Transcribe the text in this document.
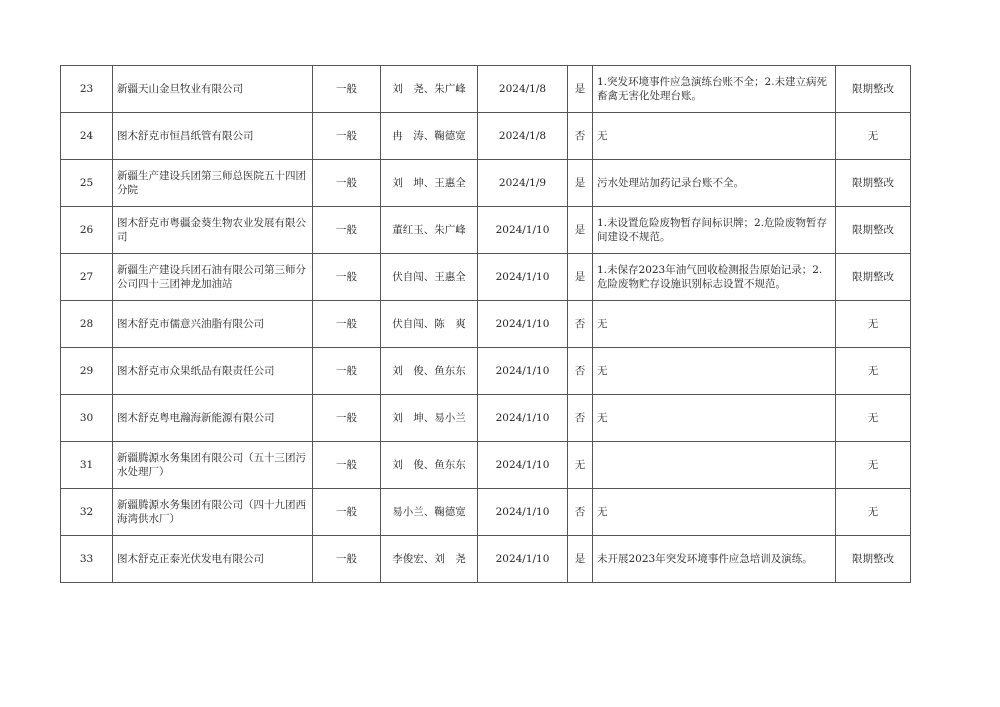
23	新疆天山金旦牧业有限公司	一般	刘　尧、朱广峰	2024/1/8	是	1.突发环境事件应急演练台账不全；2.未建立病死畜禽无害化处理台账。	限期整改
24	图木舒克市恒昌纸管有限公司	一般	冉　涛、鞠德宽	2024/1/8	否	无	无
25	新疆生产建设兵团第三师总医院五十四团分院	一般	刘　坤、王惠全	2024/1/9	是	污水处理站加药记录台账不全。	限期整改
26	图木舒克市粤疆金葵生物农业发展有限公司	一般	董红玉、朱广峰	2024/1/10	是	1.未设置危险废物暂存间标识牌；2.危险废物暂存间建设不规范。	限期整改
27	新疆生产建设兵团石油有限公司第三师分公司四十三团神龙加油站	一般	伏自闯、王惠全	2024/1/10	是	1.未保存2023年油气回收检测报告原始记录；2.危险废物贮存设施识别标志设置不规范。	限期整改
28	图木舒克市儒意兴油脂有限公司	一般	伏自闯、陈　爽	2024/1/10	否	无	无
29	图木舒克市众果纸品有限责任公司	一般	刘　俊、鱼东东	2024/1/10	否	无	无
30	图木舒克粤电瀚海新能源有限公司	一般	刘　坤、易小兰	2024/1/10	否	无	无
31	新疆腾源水务集团有限公司（五十三团污水处理厂）	一般	刘　俊、鱼东东	2024/1/10	无		无
32	新疆腾源水务集团有限公司（四十九团西海湾供水厂）	一般	易小兰、鞠德宽	2024/1/10	否	无	无
33	图木舒克正泰光伏发电有限公司	一般	李俊宏、刘　尧	2024/1/10	是	未开展2023年突发环境事件应急培训及演练。	限期整改
